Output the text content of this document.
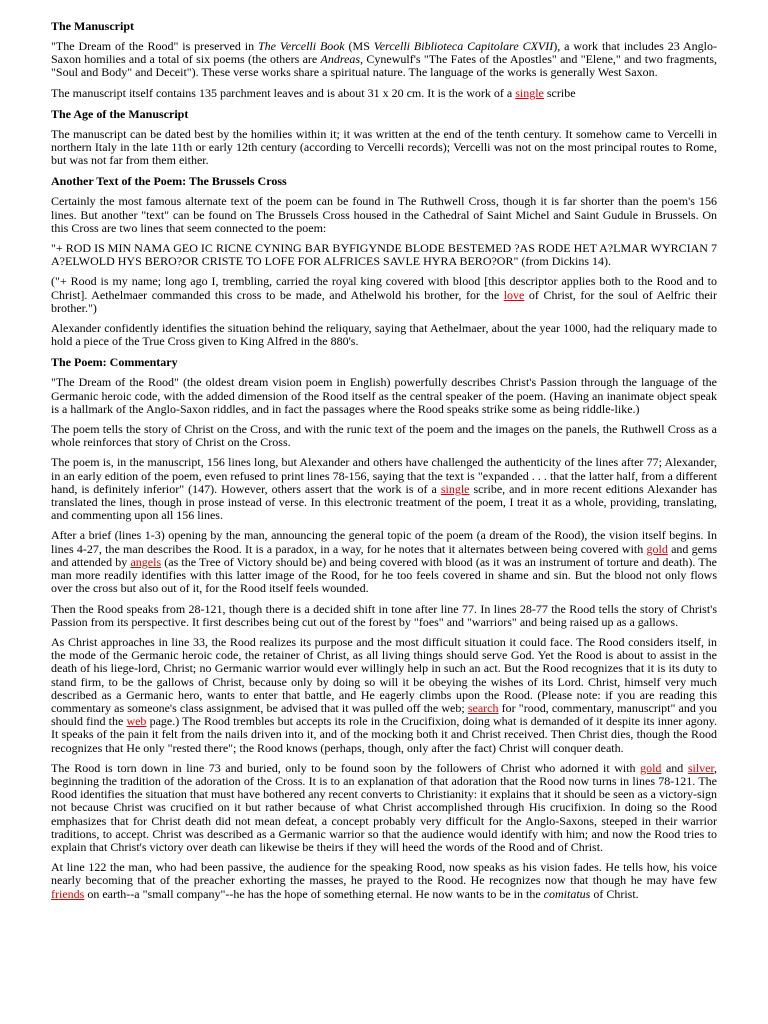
The Manuscript

"The Dream of the Rood" is preserved in The Vercelli Book (MS Vercelli Biblioteca Capitolare CXVII), a work that includes 23 Anglo-Saxon homilies and a total of six poems (the others are Andreas, Cynewulf's "The Fates of the Apostles" and "Elene," and two fragments, "Soul and Body" and Deceit"). These verse works share a spiritual nature. The language of the works is generally West Saxon.

The manuscript itself contains 135 parchment leaves and is about 31 x 20 cm. It is the work of a single scribe

The Age of the Manuscript

The manuscript can be dated best by the homilies within it; it was written at the end of the tenth century. It somehow came to Vercelli in northern Italy in the late 11th or early 12th century (according to Vercelli records); Vercelli was not on the most principal routes to Rome, but was not far from them either.

Another Text of the Poem: The Brussels Cross

Certainly the most famous alternate text of the poem can be found in The Ruthwell Cross, though it is far shorter than the poem's 156 lines. But another "text" can be found on The Brussels Cross housed in the Cathedral of Saint Michel and Saint Gudule in Brussels. On this Cross are two lines that seem connected to the poem:

"+ ROD IS MIN NAMA GEO IC RICNE CYNING BAR BYFIGYNDE BLODE BESTEMED ?AS RODE HET A?LMAR WYRCIAN 7 A?ELWOLD HYS BERO?OR CRISTE TO LOFE FOR ALFRICES SAVLE HYRA BERO?OR" (from Dickins 14).

("+ Rood is my name; long ago I, trembling, carried the royal king covered with blood [this descriptor applies both to the Rood and to Christ]. Aethelmaer commanded this cross to be made, and Athelwold his brother, for the love of Christ, for the soul of Aelfric their brother.")

Alexander confidently identifies the situation behind the reliquary, saying that Aethelmaer, about the year 1000, had the reliquary made to hold a piece of the True Cross given to King Alfred in the 880's.

The Poem: Commentary

"The Dream of the Rood" (the oldest dream vision poem in English) powerfully describes Christ's Passion through the language of the Germanic heroic code, with the added dimension of the Rood itself as the central speaker of the poem. (Having an inanimate object speak is a hallmark of the Anglo-Saxon riddles, and in fact the passages where the Rood speaks strike some as being riddle-like.)

The poem tells the story of Christ on the Cross, and with the runic text of the poem and the images on the panels, the Ruthwell Cross as a whole reinforces that story of Christ on the Cross.

The poem is, in the manuscript, 156 lines long, but Alexander and others have challenged the authenticity of the lines after 77; Alexander, in an early edition of the poem, even refused to print lines 78-156, saying that the text is "expanded . . . that the latter half, from a different hand, is definitely inferior" (147). However, others assert that the work is of a single scribe, and in more recent editions Alexander has translated the lines, though in prose instead of verse. In this electronic treatment of the poem, I treat it as a whole, providing, translating, and commenting upon all 156 lines.

After a brief (lines 1-3) opening by the man, announcing the general topic of the poem (a dream of the Rood), the vision itself begins. In lines 4-27, the man describes the Rood. It is a paradox, in a way, for he notes that it alternates between being covered with gold and gems and attended by angels (as the Tree of Victory should be) and being covered with blood (as it was an instrument of torture and death). The man more readily identifies with this latter image of the Rood, for he too feels covered in shame and sin. But the blood not only flows over the cross but also out of it, for the Rood itself feels wounded.

Then the Rood speaks from 28-121, though there is a decided shift in tone after line 77. In lines 28-77 the Rood tells the story of Christ's Passion from its perspective. It first describes being cut out of the forest by "foes" and "warriors" and being raised up as a gallows.

As Christ approaches in line 33, the Rood realizes its purpose and the most difficult situation it could face. The Rood considers itself, in the mode of the Germanic heroic code, the retainer of Christ, as all living things should serve God. Yet the Rood is about to assist in the death of his liege-lord, Christ; no Germanic warrior would ever willingly help in such an act. But the Rood recognizes that it is its duty to stand firm, to be the gallows of Christ, because only by doing so will it be obeying the wishes of its Lord. Christ, himself very much described as a Germanic hero, wants to enter that battle, and He eagerly climbs upon the Rood. (Please note: if you are reading this commentary as someone's class assignment, be advised that it was pulled off the web; search for "rood, commentary, manuscript" and you should find the web page.) The Rood trembles but accepts its role in the Crucifixion, doing what is demanded of it despite its inner agony. It speaks of the pain it felt from the nails driven into it, and of the mocking both it and Christ received. Then Christ dies, though the Rood recognizes that He only "rested there"; the Rood knows (perhaps, though, only after the fact) Christ will conquer death.

The Rood is torn down in line 73 and buried, only to be found soon by the followers of Christ who adorned it with gold and silver, beginning the tradition of the adoration of the Cross. It is to an explanation of that adoration that the Rood now turns in lines 78-121. The Rood identifies the situation that must have bothered any recent converts to Christianity: it explains that it should be seen as a victory-sign not because Christ was crucified on it but rather because of what Christ accomplished through His crucifixion. In doing so the Rood emphasizes that for Christ death did not mean defeat, a concept probably very difficult for the Anglo-Saxons, steeped in their warrior traditions, to accept. Christ was described as a Germanic warrior so that the audience would identify with him; and now the Rood tries to explain that Christ's victory over death can likewise be theirs if they will heed the words of the Rood and of Christ.

At line 122 the man, who had been passive, the audience for the speaking Rood, now speaks as his vision fades. He tells how, his voice nearly becoming that of the preacher exhorting the masses, he prayed to the Rood. He recognizes now that though he may have few friends on earth--a "small company"--he has the hope of something eternal. He now wants to be in the comitatus of Christ.
